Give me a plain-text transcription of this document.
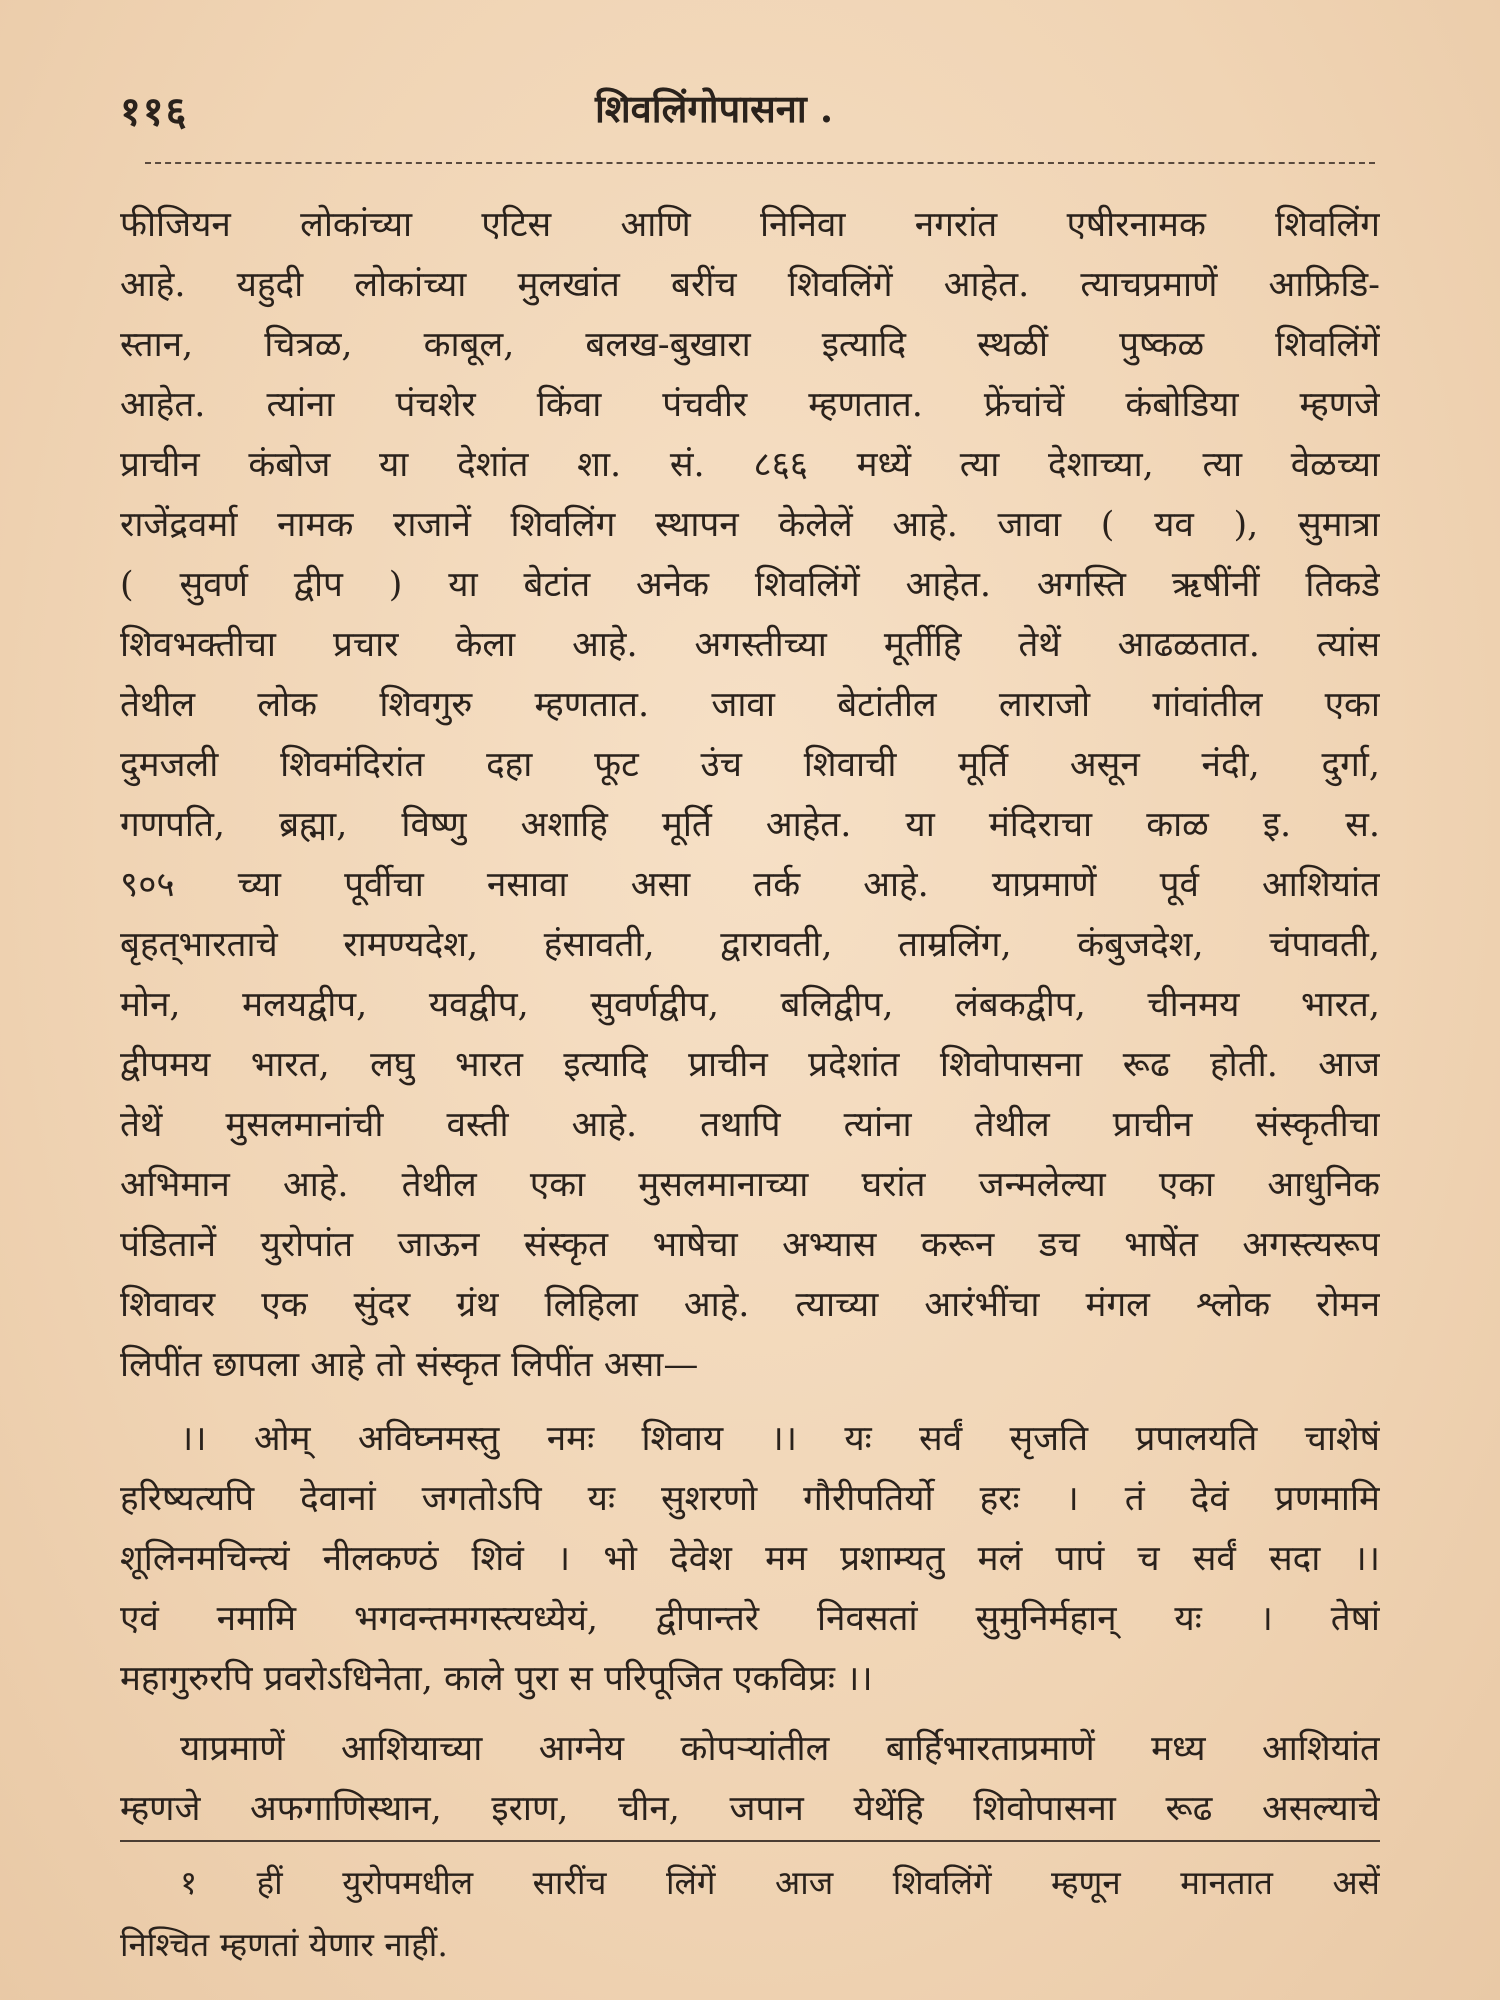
११६	शिवलिंगोपासना .
फीजियन लोकांच्या एटिस आणि निनिवा नगरांत एषीरनामक शिवलिंग
आहे. यहुदी लोकांच्या मुलखांत बरींच शिवलिंगें आहेत. त्याचप्रमाणें आफ्रिडि-
स्तान, चित्रळ, काबूल, बलख-बुखारा इत्यादि स्थळीं पुष्कळ शिवलिंगें
आहेत. त्यांना पंचशेर किंवा पंचवीर म्हणतात. फ्रेंचांचें कंबोडिया म्हणजे
प्राचीन कंबोज या देशांत शा. सं. ८६६ मध्यें त्या देशाच्या, त्या वेळच्या
राजेंद्रवर्मा नामक राजानें शिवलिंग स्थापन केलेलें आहे. जावा ( यव ), सुमात्रा
( सुवर्ण द्वीप ) या बेटांत अनेक शिवलिंगें आहेत. अगस्ति ऋषींनीं तिकडे
शिवभक्तीचा प्रचार केला आहे. अगस्तीच्या मूर्तीहि तेथें आढळतात. त्यांस
तेथील लोक शिवगुरु म्हणतात. जावा बेटांतील लाराजो गांवांतील एका
दुमजली शिवमंदिरांत दहा फूट उंच शिवाची मूर्ति असून नंदी, दुर्गा,
गणपति, ब्रह्मा, विष्णु अशाहि मूर्ति आहेत. या मंदिराचा काळ इ. स.
९०५ च्या पूर्वीचा नसावा असा तर्क आहे. याप्रमाणें पूर्व आशियांत
बृहत्‌भारताचे रामण्यदेश, हंसावती, द्वारावती, ताम्रलिंग, कंबुजदेश, चंपावती,
मोन, मलयद्वीप, यवद्वीप, सुवर्णद्वीप, बलिद्वीप, लंबकद्वीप, चीनमय भारत,
द्वीपमय भारत, लघु भारत इत्यादि प्राचीन प्रदेशांत शिवोपासना रूढ होती. आज
तेथें मुसलमानांची वस्ती आहे. तथापि त्यांना तेथील प्राचीन संस्कृतीचा
अभिमान आहे. तेथील एका मुसलमानाच्या घरांत जन्मलेल्या एका आधुनिक
पंडितानें युरोपांत जाऊन संस्कृत भाषेचा अभ्यास करून डच भाषेंत अगस्त्यरूप
शिवावर एक सुंदर ग्रंथ लिहिला आहे. त्याच्या आरंभींचा मंगल श्लोक रोमन
लिपींत छापला आहे तो संस्कृत लिपींत असा—
।। ओम् अविघ्नमस्तु नमः शिवाय ।। यः सर्वं सृजति प्रपालयति चाशेषं
हरिष्यत्यपि देवानां जगतोऽपि यः सुशरणो गौरीपतिर्यो हरः । तं देवं प्रणमामि
शूलिनमचिन्त्यं नीलकण्ठं शिवं । भो देवेश मम प्रशाम्यतु मलं पापं च सर्वं सदा ।।
एवं नमामि भगवन्तमगस्त्यध्येयं, द्वीपान्तरे निवसतां सुमुनिर्महान् यः । तेषां
महागुरुरपि प्रवरोऽधिनेता, काले पुरा स परिपूजित एकविप्रः ।।
याप्रमाणें आशियाच्या आग्नेय कोपऱ्यांतील बार्हिभारताप्रमाणें मध्य आशियांत
म्हणजे अफगाणिस्थान, इराण, चीन, जपान येथेंहि शिवोपासना रूढ असल्याचे
१ हीं युरोपमधील सारींच लिंगें आज शिवलिंगें म्हणून मानतात असें
निश्चित म्हणतां येणार नाहीं.
